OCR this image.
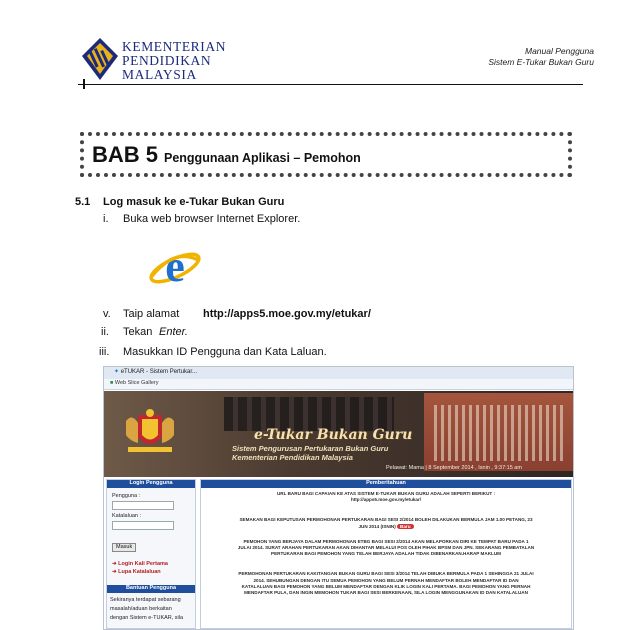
KEMENTERIAN
PENDIDIKAN
MALAYSIA
Manual Pengguna
Sistem E-Tukar Bukan Guru
BAB 5 Penggunaan Aplikasi – Pemohon
5.1 Log masuk ke e-Tukar Bukan Guru
i. Buka web browser Internet Explorer.
e
v. Taip alamat http://apps5.moe.gov.my/etukar/
ii. Tekan Enter.
iii. Masukkan ID Pengguna dan Kata Laluan.
✦ eTUKAR - Sistem Pertukar...
■ Web Slice Gallery
e-Tukar Bukan Guru
Sistem Pengurusan Pertukaran Bukan Guru
Kementerian Pendidikan Malaysia
Pelawat: Mama | 8 September 2014 , Isnin , 9:37:15 am
Login Pengguna
Pengguna :
Katalaluan :
Masuk
➜ Login Kali Pertama
➜ Lupa Katalaluan
Bantuan Pengguna
Sekiranya terdapat sebarang
masalah/aduan berkaitan
dengan Sistem e-TUKAR, sila
Pemberitahuan
URL BARU BAGI CAPAIAN KE ATAS SISTEM E-TUKAR BUKAN GURU ADALAH SEPERTI BERIKUT :
http://apps5.moe.gov.my/etukar/
SEMAKAN BAGI KEPUTUSAN PERMOHONAN PERTUKARAN BAGI SESI 2/2014 BOLEH DILAKUKAN BERMULA JAM 1.00 PETANG, 23
JUN 2014 (ISNIN) Baru
PEMOHON YANG BERJAYA DALAM PERMOHONAN ETBG BAGI SESI 2/2014 AKAN MELAPORKAN DIRI KE TEMPAT BARU PADA 1
JULAI 2014. SURAT ARAHAN PERTUKARAN AKAN DIHANTAR MELALUI POS OLEH PIHAK BPSM DAN JPN. SEKARANG PEMBATALAN
PERTUKARAN BAGI PEMOHON YANG TELAH BERJAYA ADALAH TIDAK DIBENARKAN.HARAP MAKLUM
PERMOHONAN PERTUKARAN KAKITANGAN BUKAN GURU BAGI SESI 3/2014 TELAH DIBUKA BERMULA PADA 1 SEHINGGA 21 JULAI
2014. SEHUBUNGAN DENGAN ITU SEMUA PEMOHON YANG BELUM PERNAH MENDAFTAR BOLEH MENDAFTAR ID DAN
KATALALUAN BAGI PEMOHON YANG BELUM MENDAFTAR DENGAN KLIK LOGIN KALI PERTAMA. BAGI PEMOHON YANG PERNAH
MENDAFTAR PULA, DAN INGIN MEMOHON TUKAR BAGI SESI BERKENAAN, SILA LOGIN MENGGUNAKAN ID DAN KATALALUAN
